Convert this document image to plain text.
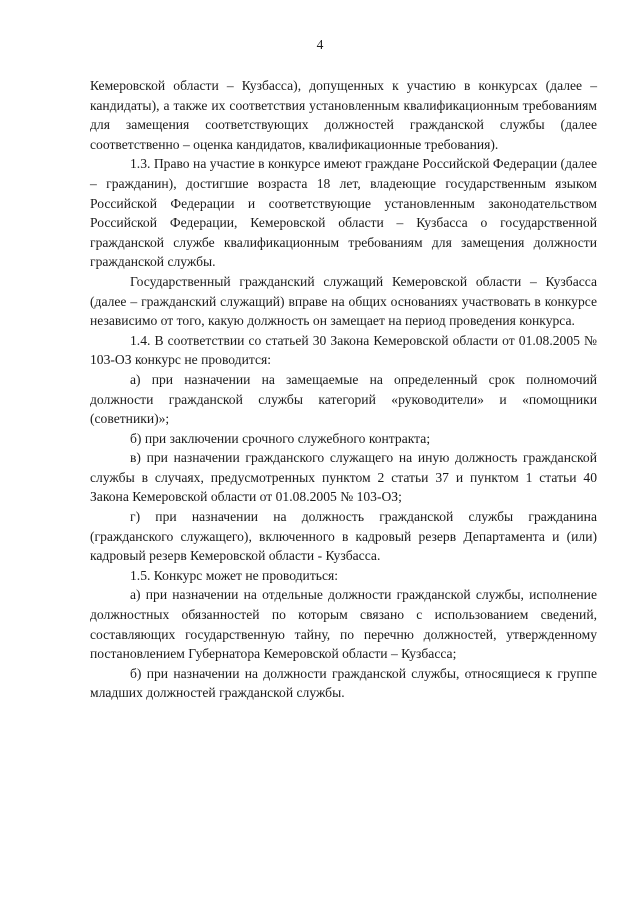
4

Кемеровской области – Кузбасса), допущенных к участию в конкурсах (далее – кандидаты), а также их соответствия установленным квалификационным требованиям для замещения соответствующих должностей гражданской службы (далее соответственно – оценка кандидатов, квалификационные требования).

1.3. Право на участие в конкурсе имеют граждане Российской Федерации (далее – гражданин), достигшие возраста 18 лет, владеющие государственным языком Российской Федерации и соответствующие установленным законодательством Российской Федерации, Кемеровской области – Кузбасса о государственной гражданской службе квалификационным требованиям для замещения должности гражданской службы.

Государственный гражданский служащий Кемеровской области – Кузбасса (далее – гражданский служащий) вправе на общих основаниях участвовать в конкурсе независимо от того, какую должность он замещает на период проведения конкурса.

1.4. В соответствии со статьей 30 Закона Кемеровской области от 01.08.2005 № 103-ОЗ конкурс не проводится:

а) при назначении на замещаемые на определенный срок полномочий должности гражданской службы категорий «руководители» и «помощники (советники)»;

б) при заключении срочного служебного контракта;

в) при назначении гражданского служащего на иную должность гражданской службы в случаях, предусмотренных пунктом 2 статьи 37 и пунктом 1 статьи 40 Закона Кемеровской области от 01.08.2005 № 103-ОЗ;

г) при назначении на должность гражданской службы гражданина (гражданского служащего), включенного в кадровый резерв Департамента и (или) кадровый резерв Кемеровской области - Кузбасса.

1.5. Конкурс может не проводиться:

а) при назначении на отдельные должности гражданской службы, исполнение должностных обязанностей по которым связано с использованием сведений, составляющих государственную тайну, по перечню должностей, утвержденному постановлением Губернатора Кемеровской области – Кузбасса;

б) при назначении на должности гражданской службы, относящиеся к группе младших должностей гражданской службы.
